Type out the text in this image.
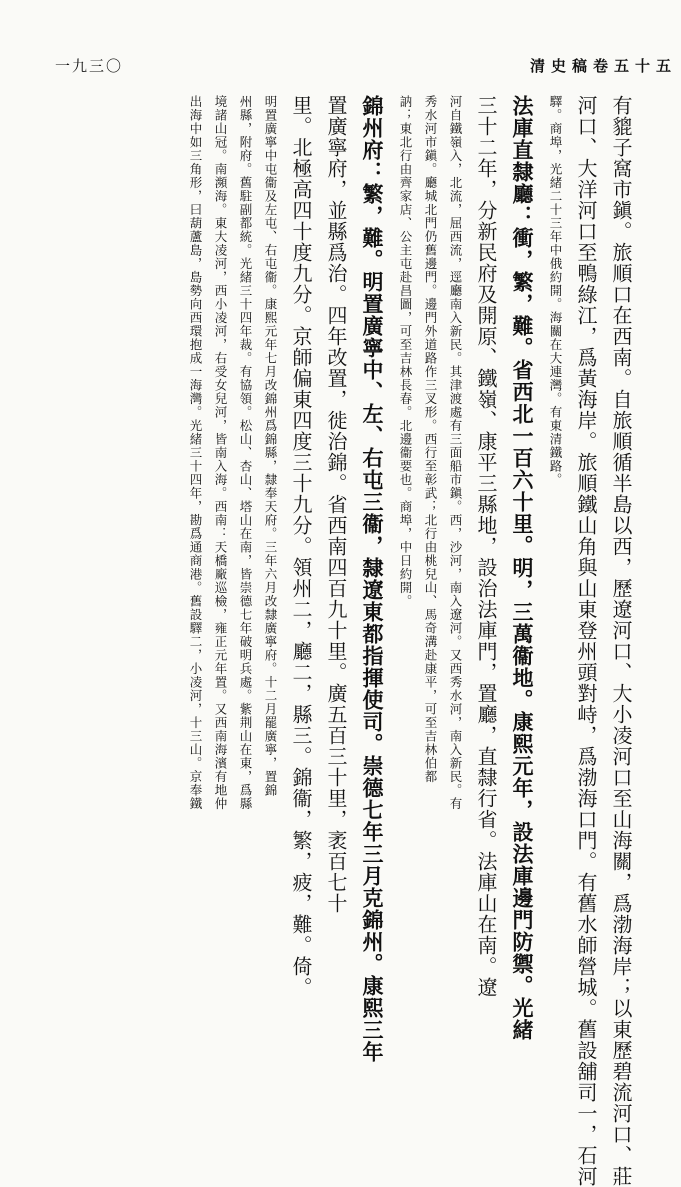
清史稿卷五十五
一九三〇
有貔子窩市鎭。旅順口在西南。自旅順循半島以西，歷遼河口、大小凌河口至山海關，爲渤海岸；以東歷碧流河口、莊
河口、大洋河口至鴨綠江，爲黃海岸。旅順鐵山角與山東登州頭對峙，爲渤海口門。有舊水師營城。舊設舖司一，石河
驛。商埠，光緒二十三年中俄約開。海關在大連灣。有東清鐵路。
法庫直隸廳：衝，繁，難。省西北一百六十里。明，三萬衞地。康熙元年，設法庫邊門防禦。光緒
三十二年，分新民府及開原、鐵嶺、康平三縣地，設治法庫門，置廳，直隸行省。法庫山在南。遼
河自鐵嶺入，北流，屈西流，逕廳南入新民。其津渡處有三面船市鎭。西，沙河，南入遼河。又西秀水河，南入新民。有
秀水河市鎭。廳城北門仍舊邊門。邊門外道路作三叉形。西行至彰武；北行由桃兒山、馬奇溝赴康平，可至吉林伯都
訥；東北行由齊家店、公主屯赴昌圖，可至吉林長春。北邊衞要也。商埠，中日約開。
錦州府：繁，難。明置廣寧中、左、右屯三衞，隸遼東都指揮使司。崇德七年三月克錦州。康熙三年
置廣寧府，並縣爲治。四年改置，徙治錦。省西南四百九十里。廣五百三十里，袤百七十
里。北極高四十度九分。京師偏東四度三十九分。領州二，廳二，縣三。錦衞，繁，疲，難。倚。
明置廣寧中屯衞及左屯、右屯衞。康熙元年七月改錦州爲錦縣，隸奉天府。三年六月改隸廣寧府。十二月罷廣寧，置錦
州縣，附府。舊駐副都統。光緒三十四年裁。有協領。松山、杏山、塔山在南，皆崇德七年破明兵處。紫荆山在東，爲縣
境諸山冠。南瀕海。東大凌河，西小凌河，右受女兒河，皆南入海。西南：天橋廠巡檢，雍正元年置。又西南海濱有地仲
出海中如三角形，曰葫蘆島，島勢向西環抱成一海灣。光緒三十四年，勘爲通商港。舊設驛二，小凌河，十三山。京奉鐵
